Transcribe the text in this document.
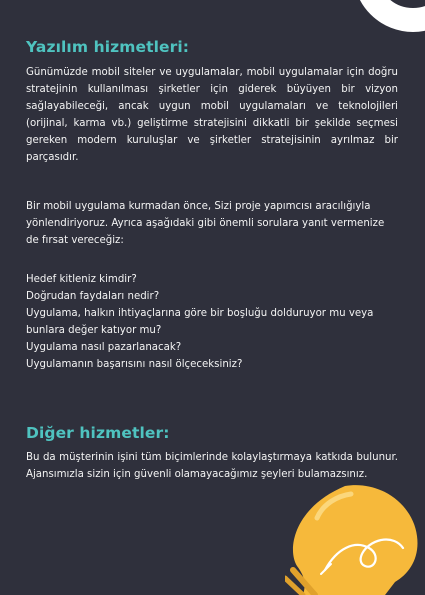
Yazılım hizmetleri:

Günümüzde mobil siteler ve uygulamalar, mobil uygulamalar için doğru stratejinin kullanılması şirketler için giderek büyüyen bir vizyon sağlayabileceği, ancak uygun mobil uygulamaları ve teknolojileri (orijinal, karma vb.) geliştirme stratejisini dikkatli bir şekilde seçmesi gereken modern kuruluşlar ve şirketler stratejisinin ayrılmaz bir parçasıdır.

Bir mobil uygulama kurmadan önce, Sizi proje yapımcısı aracılığıyla yönlendiriyoruz. Ayrıca aşağıdaki gibi önemli sorulara yanıt vermenize de fırsat vereceğiz:

Hedef kitleniz kimdir?
Doğrudan faydaları nedir?
Uygulama, halkın ihtiyaçlarına göre bir boşluğu dolduruyor mu veya bunlara değer katıyor mu?
Uygulama nasıl pazarlanacak?
Uygulamanın başarısını nasıl ölçeceksiniz?
Diğer hizmetler:

Bu da müşterinin işini tüm biçimlerinde kolaylaştırmaya katkıda bulunur. Ajansımızla sizin için güvenli olamayacağımız şeyleri bulamazsınız.
